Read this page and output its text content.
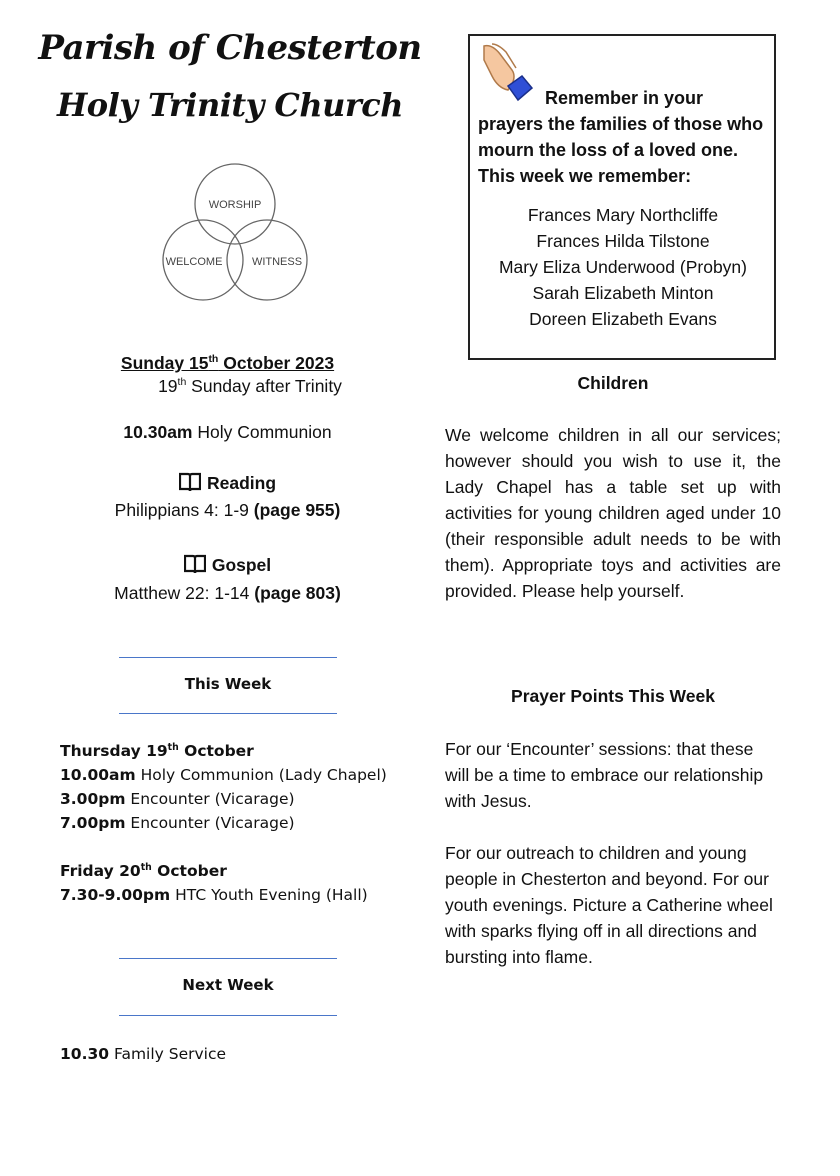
Parish of Chesterton
Holy Trinity Church
WORSHIP
WELCOME	WITNESS
Sunday 15th October 2023
19th Sunday after Trinity
10.30am Holy Communion
Reading
Philippians 4: 1-9 (page 955)
Gospel
Matthew 22: 1-14 (page 803)
This Week
Thursday 19th October
10.00am Holy Communion (Lady Chapel)
3.00pm Encounter (Vicarage)
7.00pm Encounter (Vicarage)
Friday 20th October
7.30-9.00pm HTC Youth Evening (Hall)
Next Week
10.30 Family Service
Remember in your
prayers the families of those who mourn the loss of a loved one. This week we remember:
Frances Mary Northcliffe
Frances Hilda Tilstone
Mary Eliza Underwood (Probyn)
Sarah Elizabeth Minton
Doreen Elizabeth Evans
Children
We welcome children in all our services; however should you wish to use it, the Lady Chapel has a table set up with activities for young children aged under 10 (their responsible adult needs to be with them). Appropriate toys and activities are provided. Please help yourself.
Prayer Points This Week
For our ‘Encounter’ sessions: that these will be a time to embrace our relationship with Jesus.
For our outreach to children and young people in Chesterton and beyond. For our youth evenings. Picture a Catherine wheel with sparks flying off in all directions and bursting into flame.
